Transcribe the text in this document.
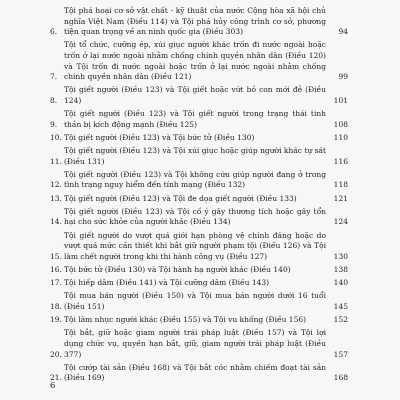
6.
Tội phá hoại cơ sở vật chất - kỹ thuật của nước Cộng hòa xã hội chủ nghĩa Việt Nam (Điều 114) và Tội phá hủy công trình cơ sở, phương tiện quan trọng về an ninh quốc gia (Điều 303)	94
7.
Tội tổ chức, cưỡng ép, xúi giục người khác trốn đi nước ngoài hoặc trốn ở lại nước ngoài nhằm chống chính quyền nhân dân (Điều 120) và Tội trốn đi nước ngoài hoặc trốn ở lại nước ngoài nhằm chống chính quyền nhân dân (Điều 121)	99
8.
Tội giết người (Điều 123) và Tội giết hoặc vứt bỏ con mới đẻ (Điều 124)	101
9.
Tội giết người (Điều 123) và Tội giết người trong trạng thái tinh thần bị kích động mạnh (Điều 125)	108
10. Tội giết người (Điều 123) và Tội bức tử (Điều 130)	110
11.
Tội giết người (Điều 123) và Tội xúi giục hoặc giúp người khác tự sát (Điều 131)	116
12.
Tội giết người (Điều 123) và Tội không cứu giúp người đang ở trong tình trạng nguy hiểm đến tính mạng (Điều 132)	118
13. Tội giết người (Điều 123) và Tội đe dọa giết người (Điều 133)	121
14.
Tội giết người (Điều 123) và Tội cố ý gây thương tích hoặc gây tổn hại cho sức khỏe của người khác (Điều 134)	124
15.
Tội giết người do vượt quá giới hạn phòng vệ chính đáng hoặc do vượt quá mức cần thiết khi bắt giữ người phạm tội (Điều 126) và Tội làm chết người trong khi thi hành công vụ (Điều 127)	130
16. Tội bức tử (Điều 130) và Tội hành hạ người khác (Điều 140)	138
17. Tội hiếp dâm (Điều 141) và Tội cưỡng dâm (Điều 143)	140
18.
Tội mua bán người (Điều 150) và Tội mua bán người dưới 16 tuổi (Điều 151)	145
19. Tội làm nhục người khác (Điều 155) và Tội vu khống (Điều 156)	152
20.
Tội bắt, giữ hoặc giam người trái pháp luật (Điều 157) và Tội lợi dụng chức vụ, quyền hạn bắt, giữ, giam người trái pháp luật (Điều 377)	157
21.
Tội cướp tài sản (Điều 168) và Tội bắt cóc nhằm chiếm đoạt tài sản (Điều 169)	168
6
